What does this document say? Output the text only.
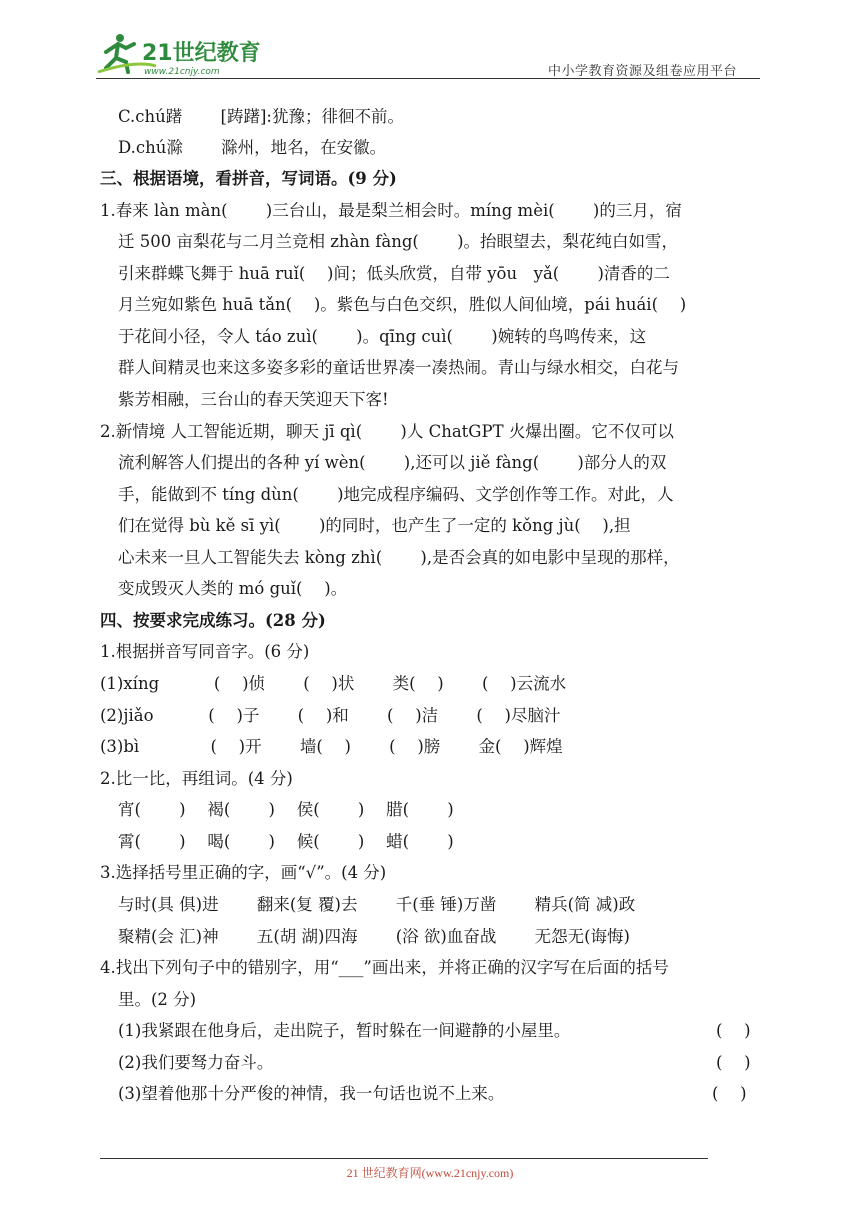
21世纪教育
www.21cnjy.com	中小学教育资源及组卷应用平台
C.chú躇　 　[踌躇]:犹豫；徘徊不前。
D.chú滁　 　滁州，地名，在安徽。
三、根据语境，看拼音，写词语。(9 分)
1.春来 làn màn(　　 )三台山，最是梨兰相会时。míng mèi(　　 )的三月，宿
迁 500 亩梨花与二月兰竞相 zhàn fàng(　　 )。抬眼望去，梨花纯白如雪，
引来群蝶飞舞于 huā ruǐ(　 )间；低头欣赏，自带 yōu　yǎ(　　 )清香的二
月兰宛如紫色 huā tǎn(　 )。紫色与白色交织，胜似人间仙境，pái huái(　 )
于花间小径，令人 táo zuì(　　 )。qīng cuì(　　 )婉转的鸟鸣传来，这
群人间精灵也来这多姿多彩的童话世界凑一凑热闹。青山与绿水相交，白花与
紫芳相融，三台山的春天笑迎天下客!
2.新情境 人工智能近期，聊天 jī qì(　　 )人 ChatGPT 火爆出圈。它不仅可以
流利解答人们提出的各种 yí wèn(　　 ),还可以 jiě fàng(　　 )部分人的双
手，能做到不 tíng dùn(　　 )地完成程序编码、文学创作等工作。对此，人
们在觉得 bù kě sī yì(　　 )的同时，也产生了一定的 kǒng jù(　 ),担
心未来一旦人工智能失去 kòng zhì(　　 ),是否会真的如电影中呈现的那样，
变成毁灭人类的 mó guǐ(　 )。
四、按要求完成练习。(28 分)
1.根据拼音写同音字。(6 分)
(1)xíng　　　 (　 )侦　　 (　 )状　　 类(　 )　　 (　 )云流水
(2)jiǎo　　　 (　 )子　　 (　 )和　　 (　 )洁　　 (　 )尽脑汁
(3)bì　　　　 (　 )开　　 墙(　 )　　 (　 )膀　　 金(　 )辉煌
2.比一比，再组词。(4 分)
宵(　　 )　 褐(　　 )　 侯(　　 )　 腊(　　 )
霄(　　 )　 喝(　　 )　 候(　　 )　 蜡(　　 )
3.选择括号里正确的字，画“√”。(4 分)
与时(具 俱)进　　 翻来(复 覆)去　　 千(垂 锤)万凿　　 精兵(简 减)政
聚精(会 汇)神　　 五(胡 湖)四海　　 (浴 欲)血奋战　　 无怨无(诲悔)
4.找出下列句子中的错别字，用“___”画出来，并将正确的汉字写在后面的括号
里。(2 分)
(1)我紧跟在他身后，走出院子，暂时躲在一间避静的小屋里。	(　 )
(2)我们要驽力奋斗。	(　 )
(3)望着他那十分严俊的神情，我一句话也说不上来。	(　 )
21 世纪教育网(www.21cnjy.com)
